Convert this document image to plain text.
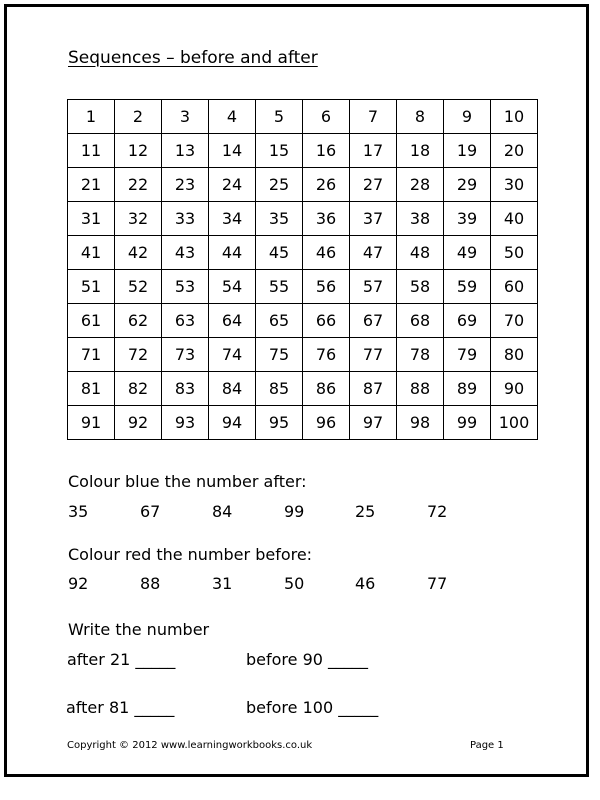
Sequences – before and after
1	2	3	4	5	6	7	8	9	10
11	12	13	14	15	16	17	18	19	20
21	22	23	24	25	26	27	28	29	30
31	32	33	34	35	36	37	38	39	40
41	42	43	44	45	46	47	48	49	50
51	52	53	54	55	56	57	58	59	60
61	62	63	64	65	66	67	68	69	70
71	72	73	74	75	76	77	78	79	80
81	82	83	84	85	86	87	88	89	90
91	92	93	94	95	96	97	98	99	100
Colour blue the number after:
35	67	84	99	25	72
Colour red the number before:
92	88	31	50	46	77
Write the number
after 21 _____	before 90 _____
after 81 _____	before 100 _____
Copyright © 2012 www.learningworkbooks.co.uk	Page 1
